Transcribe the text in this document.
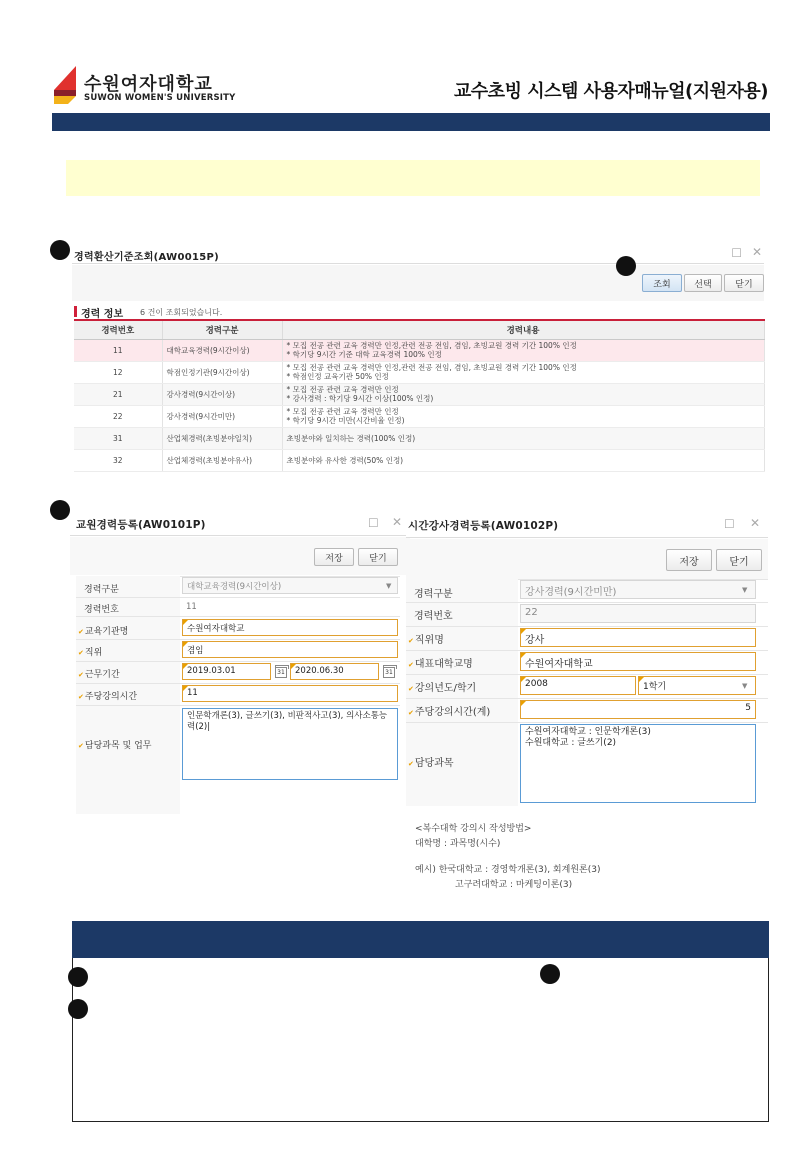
수원여자대학교
SUWON WOMEN'S UNIVERSITY	교수초빙 시스템 사용자매뉴얼(지원자용)
경력환산기준조회(AW0015P)	☐ ✕
조회	선택	닫기
경력 정보 6 건이 조회되었습니다.
경력번호	경력구분	경력내용
11	대학교육경력(9시간이상)	* 모집 전공 관련 교육 경력만 인정,관련 전공 전임, 겸임, 초빙교원 경력 기간 100% 인정
* 학기당 9시간 기준 대학 교육경력 100% 인정

12	학점인정기관(9시간이상)	* 모집 전공 관련 교육 경력만 인정,관련 전공 전임, 겸임, 초빙교원 경력 기간 100% 인정
* 학점인정 교육기관 50% 인정

21	강사경력(9시간이상)	* 모집 전공 관련 교육 경력만 인정
* 강사경력 : 학기당 9시간 이상(100% 인정)

22	강사경력(9시간미만)	* 모집 전공 관련 교육 경력만 인정
* 학기당 9시간 미만(시간비율 인정)

31	산업체경력(초빙분야일치)	초빙분야와 일치하는 경력(100% 인정)
32	산업체경력(초빙분야유사)	초빙분야와 유사한 경력(50% 인정)
교원경력등록(AW0101P)	☐ ✕
저장	닫기
경력구분	대학교육경력(9시간이상)	▼
경력번호	11
✔ 교육기관명	수원여자대학교
✔ 직위	겸임
✔ 근무기간	2019.03.01	31	2020.06.30	31
✔ 주당강의시간	11
✔ 담당과목 및 업무
인문학개론(3), 글쓰기(3), 비판적사고(3), 의사소통능력(2)|
시간강사경력등록(AW0102P)	☐ ✕
저장	닫기
경력구분	강사경력(9시간미만)	▼
경력번호	22
✔ 직위명	강사
✔ 대표대학교명	수원여자대학교
✔ 강의년도/학기	2008	1학기	▼
✔ 주당강의시간(계)	5
✔ 담당과목
수원여자대학교 : 인문학개론(3)
수원대학교 : 글쓰기(2)
<복수대학 강의시 작성방법>
대학명 : 과목명(시수)
예시) 한국대학교 : 경영학개론(3), 회계원론(3)
고구려대학교 : 마케팅이론(3)
